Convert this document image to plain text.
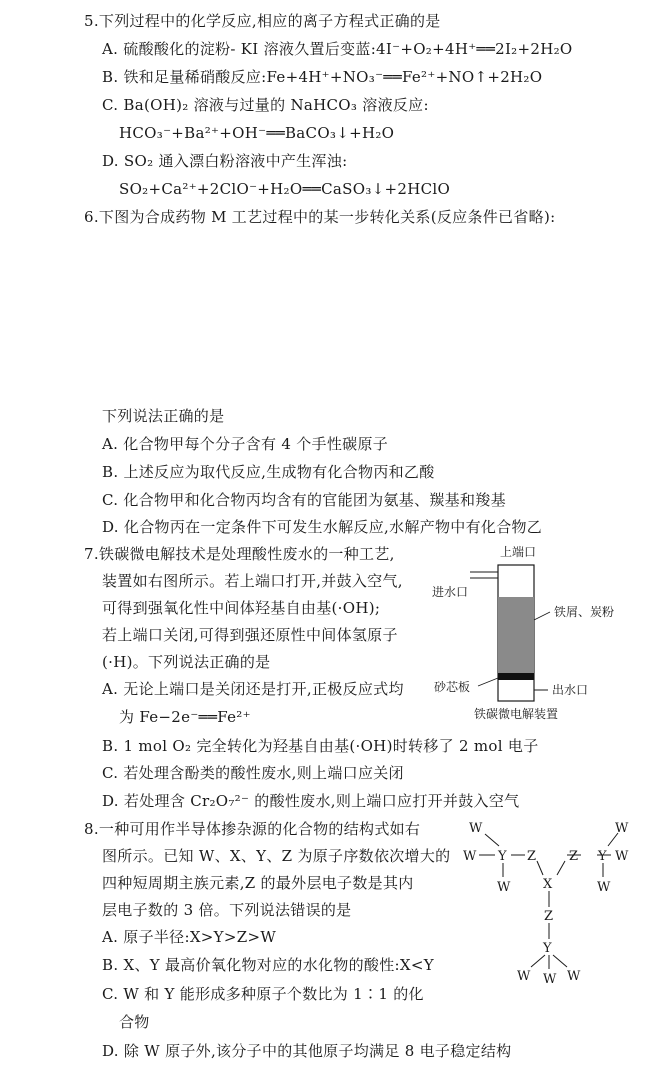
5.下列过程中的化学反应,相应的离子方程式正确的是
A. 硫酸酸化的淀粉- KI 溶液久置后变蓝:4I⁻+O₂+4H⁺══2I₂+2H₂O
B. 铁和足量稀硝酸反应:Fe+4H⁺+NO₃⁻══Fe²⁺+NO↑+2H₂O
C. Ba(OH)₂ 溶液与过量的 NaHCO₃ 溶液反应:
HCO₃⁻+Ba²⁺+OH⁻══BaCO₃↓+H₂O
D. SO₂ 通入漂白粉溶液中产生浑浊:
SO₂+Ca²⁺+2ClO⁻+H₂O══CaSO₃↓+2HClO
6.下图为合成药物 M 工艺过程中的某一步转化关系(反应条件已省略):
下列说法正确的是
A. 化合物甲每个分子含有 4 个手性碳原子
B. 上述反应为取代反应,生成物有化合物丙和乙酸
C. 化合物甲和化合物丙均含有的官能团为氨基、羰基和羧基
D. 化合物丙在一定条件下可发生水解反应,水解产物中有化合物乙
7.铁碳微电解技术是处理酸性废水的一种工艺,
装置如右图所示。若上端口打开,并鼓入空气,
可得到强氧化性中间体羟基自由基(·OH);
若上端口关闭,可得到强还原性中间体氢原子
(·H)。下列说法正确的是
A. 无论上端口是关闭还是打开,正极反应式均
为 Fe−2e⁻══Fe²⁺
B. 1 mol O₂ 完全转化为羟基自由基(·OH)时转移了 2 mol 电子
C. 若处理含酚类的酸性废水,则上端口应关闭
D. 若处理含 Cr₂O₇²⁻ 的酸性废水,则上端口应打开并鼓入空气
上端口
进水口
铁屑、炭粉
砂芯板	出水口
铁碳微电解装置
8.一种可用作半导体掺杂源的化合物的结构式如右
图所示。已知 W、X、Y、Z 为原子序数依次增大的
四种短周期主族元素,Z 的最外层电子数是其内
层电子数的 3 倍。下列说法错误的是
A. 原子半径:X>Y>Z>W
B. X、Y 最高价氧化物对应的水化物的酸性:X<Y
C. W 和 Y 能形成多种原子个数比为 1∶1 的化
合物
D. 除 W 原子外,该分子中的其他原子均满足 8 电子稳定结构
W
W Y
W
Z	Z Y
W
W
W
X
Z
Y
W W W
